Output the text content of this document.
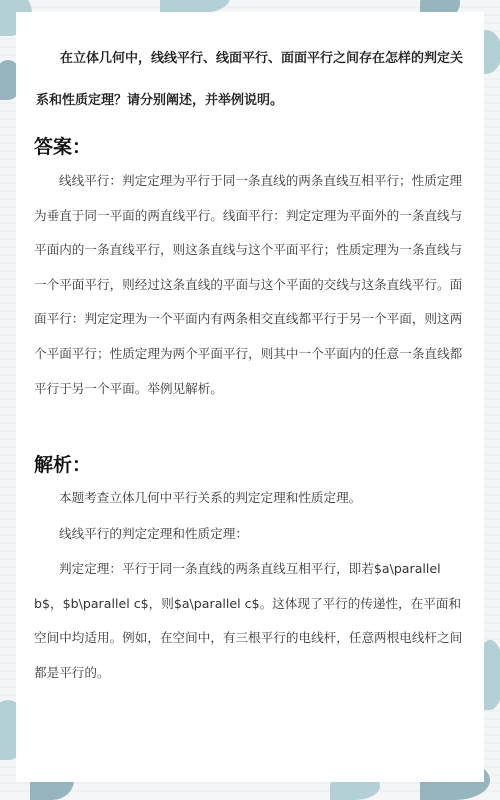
在立体几何中，线线平行、线面平行、面面平行之间存在怎样的判定关系和性质定理？请分别阐述，并举例说明。
答案：

线线平行：判定定理为平行于同一条直线的两条直线互相平行；性质定理为垂直于同一平面的两直线平行。线面平行：判定定理为平面外的一条直线与平面内的一条直线平行，则这条直线与这个平面平行；性质定理为一条直线与一个平面平行，则经过这条直线的平面与这个平面的交线与这条直线平行。面面平行：判定定理为一个平面内有两条相交直线都平行于另一个平面，则这两个平面平行；性质定理为两个平面平行，则其中一个平面内的任意一条直线都平行于另一个平面。举例见解析。

解析：

本题考查立体几何中平行关系的判定定理和性质定理。

线线平行的判定定理和性质定理：

判定定理：平行于同一条直线的两条直线互相平行，即若$a\parallel b$，$b\parallel c$，则$a\parallel c$。这体现了平行的传递性，在平面和空间中均适用。例如，在空间中，有三根平行的电线杆，任意两根电线杆之间都是平行的。
